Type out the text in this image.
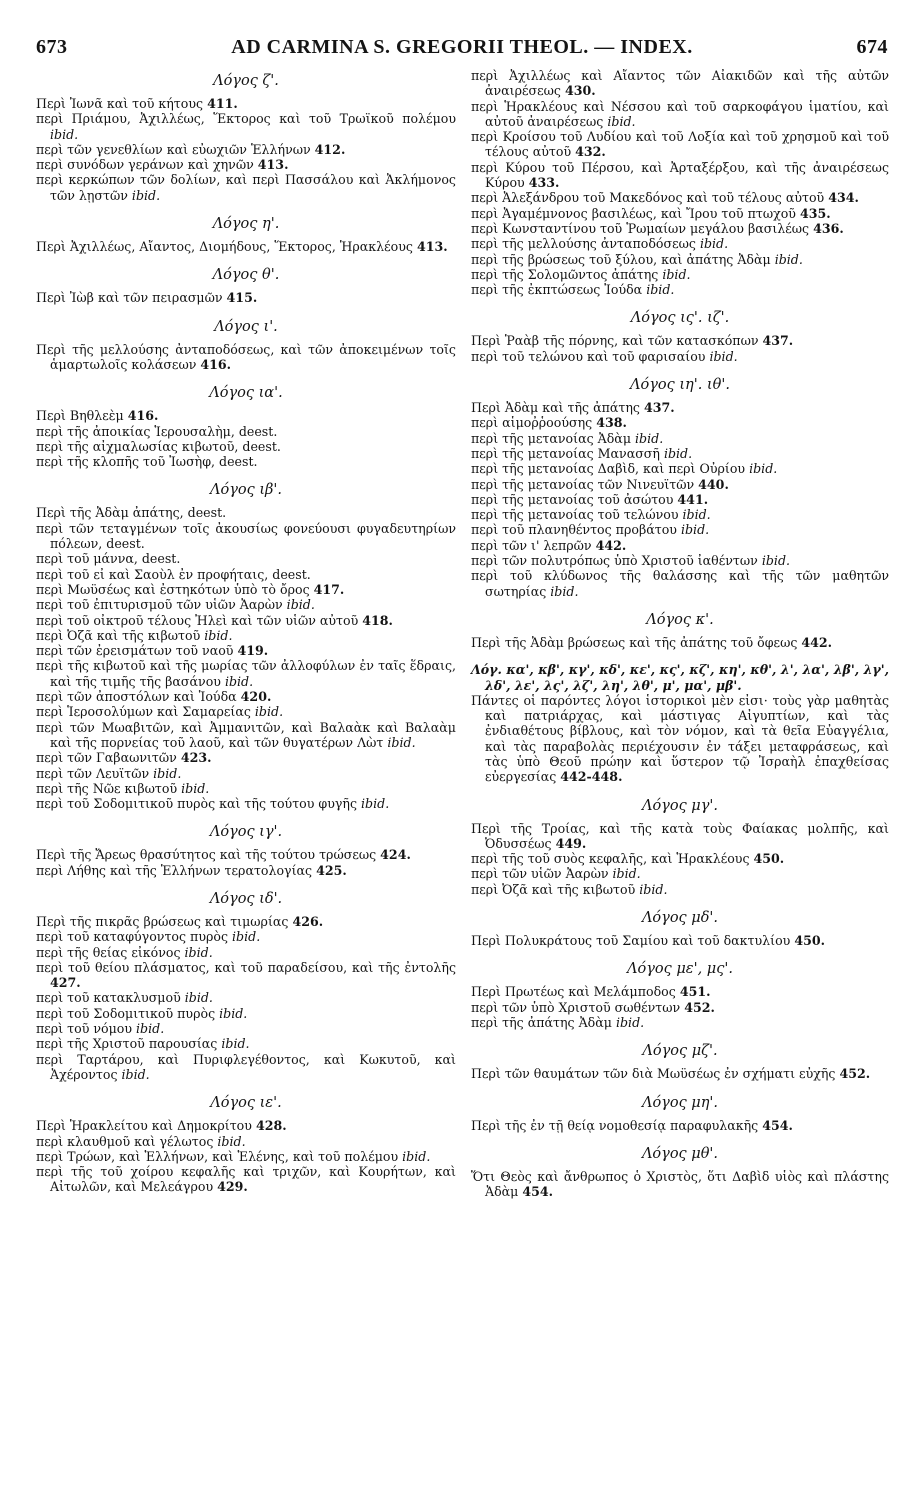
673	AD CARMINA S. GREGORII THEOL. — INDEX.	674
Λόγος ζ'.
Περὶ Ἰωνᾶ καὶ τοῦ κήτους 411.
περὶ Πριάμου, Ἀχιλλέως, Ἕκτορος καὶ τοῦ Τρωϊκοῦ πολέμου ibid.
περὶ τῶν γενεθλίων καὶ εὐωχιῶν Ἑλλήνων 412.
περὶ συνόδων γεράνων καὶ χηνῶν 413.
περὶ κερκώπων τῶν δολίων, καὶ περὶ Πασσάλου καὶ Ἀκλήμονος τῶν λῃστῶν ibid.
Λόγος η'.
Περὶ Ἀχιλλέως, Αἴαντος, Διομήδους, Ἕκτορος, Ἡρακλέους 413.
Λόγος θ'.
Περὶ Ἰὼβ καὶ τῶν πειρασμῶν 415.
Λόγος ι'.
Περὶ τῆς μελλούσης ἀνταποδόσεως, καὶ τῶν ἀποκειμένων τοῖς ἁμαρτωλοῖς κολάσεων 416.
Λόγος ια'.
Περὶ Βηθλεὲμ 416.
περὶ τῆς ἀποικίας Ἱερουσαλὴμ, deest.
περὶ τῆς αἰχμαλωσίας κιβωτοῦ, deest.
περὶ τῆς κλοπῆς τοῦ Ἰωσὴφ, deest.
Λόγος ιβ'.
Περὶ τῆς Ἀδὰμ ἀπάτης, deest.
περὶ τῶν τεταγμένων τοῖς ἀκουσίως φονεύουσι φυγαδευτηρίων πόλεων, deest.
περὶ τοῦ μάννα, deest.
περὶ τοῦ εἰ καὶ Σαοὺλ ἐν προφήταις, deest.
περὶ Μωϋσέως καὶ ἐστηκότων ὑπὸ τὸ ὄρος 417.
περὶ τοῦ ἐπιτυρισμοῦ τῶν υἱῶν Ἀαρὼν ibid.
περὶ τοῦ οἰκτροῦ τέλους Ἠλεὶ καὶ τῶν υἱῶν αὐτοῦ 418.
περὶ Ὀζᾶ καὶ τῆς κιβωτοῦ ibid.
περὶ τῶν ἐρεισμάτων τοῦ ναοῦ 419.
περὶ τῆς κιβωτοῦ καὶ τῆς μωρίας τῶν ἀλλοφύλων ἐν ταῖς ἕδραις, καὶ τῆς τιμῆς τῆς βασάνου ibid.
περὶ τῶν ἀποστόλων καὶ Ἰούδα 420.
περὶ Ἱεροσολύμων καὶ Σαμαρείας ibid.
περὶ τῶν Μωαβιτῶν, καὶ Ἀμμανιτῶν, καὶ Βαλαὰκ καὶ Βαλαὰμ καὶ τῆς πορνείας τοῦ λαοῦ, καὶ τῶν θυγατέρων Λὼτ ibid.
περὶ τῶν Γαβαωνιτῶν 423.
περὶ τῶν Λευϊτῶν ibid.
περὶ τῆς Νῶε κιβωτοῦ ibid.
περὶ τοῦ Σοδομιτικοῦ πυρὸς καὶ τῆς τούτου φυγῆς ibid.
Λόγος ιγ'.
Περὶ τῆς Ἄρεως θρασύτητος καὶ τῆς τούτου τρώσεως 424.
περὶ Λήθης καὶ τῆς Ἑλλήνων τερατολογίας 425.
Λόγος ιδ'.
Περὶ τῆς πικρᾶς βρώσεως καὶ τιμωρίας 426.
περὶ τοῦ καταφύγοντος πυρὸς ibid.
περὶ τῆς θείας εἰκόνος ibid.
περὶ τοῦ θείου πλάσματος, καὶ τοῦ παραδείσου, καὶ τῆς ἐντολῆς 427.
περὶ τοῦ κατακλυσμοῦ ibid.
περὶ τοῦ Σοδομιτικοῦ πυρὸς ibid.
περὶ τοῦ νόμου ibid.
περὶ τῆς Χριστοῦ παρουσίας ibid.
περὶ Ταρτάρου, καὶ Πυριφλεγέθοντος, καὶ Κωκυτοῦ, καὶ Ἀχέροντος ibid.
Λόγος ιε'.
Περὶ Ἡρακλείτου καὶ Δημοκρίτου 428.
περὶ κλαυθμοῦ καὶ γέλωτος ibid.
περὶ Τρώων, καὶ Ἑλλήνων, καὶ Ἑλένης, καὶ τοῦ πολέμου ibid.
περὶ τῆς τοῦ χοίρου κεφαλῆς καὶ τριχῶν, καὶ Κουρήτων, καὶ Αἰτωλῶν, καὶ Μελεάγρου 429.
περὶ Ἀχιλλέως καὶ Αἴαντος τῶν Αἰακιδῶν καὶ τῆς αὐτῶν ἀναιρέσεως 430.
περὶ Ἡρακλέους καὶ Νέσσου καὶ τοῦ σαρκοφάγου ἱματίου, καὶ αὐτοῦ ἀναιρέσεως ibid.
περὶ Κροίσου τοῦ Λυδίου καὶ τοῦ Λοξία καὶ τοῦ χρησμοῦ καὶ τοῦ τέλους αὐτοῦ 432.
περὶ Κύρου τοῦ Πέρσου, καὶ Ἀρταξέρξου, καὶ τῆς ἀναιρέσεως Κύρου 433.
περὶ Ἀλεξάνδρου τοῦ Μακεδόνος καὶ τοῦ τέλους αὐτοῦ 434.
περὶ Ἀγαμέμνονος βασιλέως, καὶ Ἴρου τοῦ πτωχοῦ 435.
περὶ Κωνσταντίνου τοῦ Ῥωμαίων μεγάλου βασιλέως 436.
περὶ τῆς μελλούσης ἀνταποδόσεως ibid.
περὶ τῆς βρώσεως τοῦ ξύλου, καὶ ἀπάτης Ἀδὰμ ibid.
περὶ τῆς Σολομῶντος ἀπάτης ibid.
περὶ τῆς ἐκπτώσεως Ἰούδα ibid.
Λόγος ις'. ιζ'.
Περὶ Ῥαὰβ τῆς πόρνης, καὶ τῶν κατασκόπων 437.
περὶ τοῦ τελώνου καὶ τοῦ φαρισαίου ibid.
Λόγος ιη'. ιθ'.
Περὶ Ἀδὰμ καὶ τῆς ἀπάτης 437.
περὶ αἱμοῤῥοούσης 438.
περὶ τῆς μετανοίας Ἀδὰμ ibid.
περὶ τῆς μετανοίας Μανασσῆ ibid.
περὶ τῆς μετανοίας Δαβὶδ, καὶ περὶ Οὐρίου ibid.
περὶ τῆς μετανοίας τῶν Νινευϊτῶν 440.
περὶ τῆς μετανοίας τοῦ ἀσώτου 441.
περὶ τῆς μετανοίας τοῦ τελώνου ibid.
περὶ τοῦ πλανηθέντος προβάτου ibid.
περὶ τῶν ι' λεπρῶν 442.
περὶ τῶν πολυτρόπως ὑπὸ Χριστοῦ ἰαθέντων ibid.
περὶ τοῦ κλύδωνος τῆς θαλάσσης καὶ τῆς τῶν μαθητῶν σωτηρίας ibid.
Λόγος κ'.
Περὶ τῆς Ἀδὰμ βρώσεως καὶ τῆς ἀπάτης τοῦ ὄφεως 442.
Λόγ. κα', κβ', κγ', κδ', κε', κς', κζ', κη', κθ', λ', λα', λβ', λγ', λδ', λε', λς', λζ', λη', λθ', μ', μα', μβ'.
Πάντες οἱ παρόντες λόγοι ἱστορικοὶ μὲν εἰσι· τοὺς γὰρ μαθητὰς καὶ πατριάρχας, καὶ μάστιγας Αἰγυπτίων, καὶ τὰς ἐνδιαθέτους βίβλους, καὶ τὸν νόμον, καὶ τὰ θεῖα Εὐαγγέλια, καὶ τὰς παραβολὰς περιέχουσιν ἐν τάξει μεταφράσεως, καὶ τὰς ὑπὸ Θεοῦ πρώην καὶ ὕστερον τῷ Ἰσραὴλ ἐπαχθείσας εὐεργεσίας 442-448.
Λόγος μγ'.
Περὶ τῆς Τροίας, καὶ τῆς κατὰ τοὺς Φαίακας μολπῆς, καὶ Ὀδυσσέως 449.
περὶ τῆς τοῦ συὸς κεφαλῆς, καὶ Ἡρακλέους 450.
περὶ τῶν υἱῶν Ἀαρὼν ibid.
περὶ Ὀζᾶ καὶ τῆς κιβωτοῦ ibid.
Λόγος μδ'.
Περὶ Πολυκράτους τοῦ Σαμίου καὶ τοῦ δακτυλίου 450.
Λόγος με', μς'.
Περὶ Πρωτέως καὶ Μελάμποδος 451.
περὶ τῶν ὑπὸ Χριστοῦ σωθέντων 452.
περὶ τῆς ἀπάτης Ἀδὰμ ibid.
Λόγος μζ'.
Περὶ τῶν θαυμάτων τῶν διὰ Μωϋσέως ἐν σχήματι εὐχῆς 452.
Λόγος μη'.
Περὶ τῆς ἐν τῇ θείᾳ νομοθεσίᾳ παραφυλακῆς 454.
Λόγος μθ'.
Ὅτι Θεὸς καὶ ἄνθρωπος ὁ Χριστὸς, ὅτι Δαβὶδ υἱὸς καὶ πλάστης Ἀδὰμ 454.
